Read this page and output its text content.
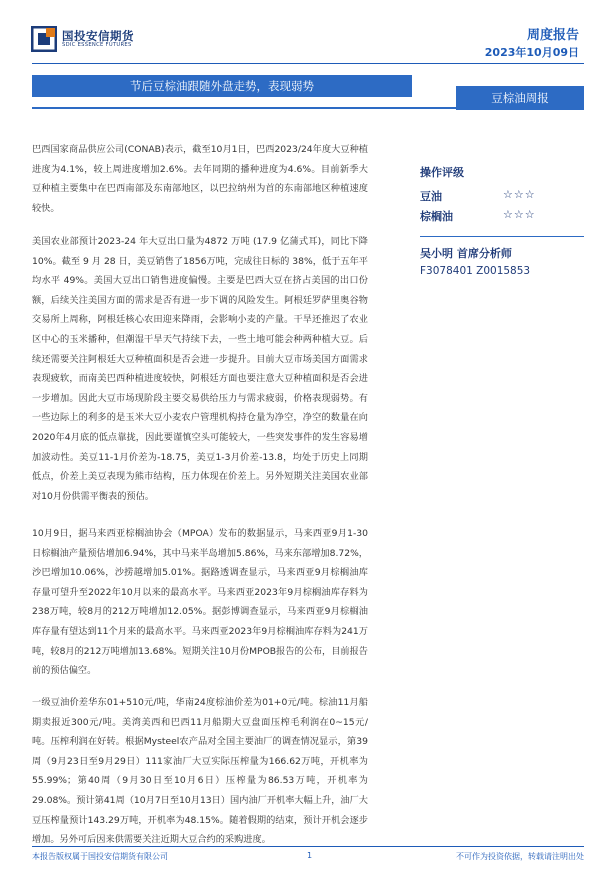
国投安信期货
SDIC ESSENCE FUTURES
周度报告
2023年10月09日
节后豆棕油跟随外盘走势，表现弱势
豆棕油周报
巴西国家商品供应公司(CONAB)表示，截至10月1日，巴西2023/24年度大豆种植进度为4.1%，较上周进度增加2.6%。去年同期的播种进度为4.6%。目前新季大豆种植主要集中在巴西南部及东南部地区，以巴拉纳州为首的东南部地区种植速度较快。
美国农业部预计2023-24 年大豆出口量为4872 万吨 (17.9 亿蒲式耳)，同比下降 10%。截至 9 月 28 日，美豆销售了1856万吨，完成往日标的 38%，低于五年平均水平 49%。美国大豆出口销售进度偏慢。主要是巴西大豆在挤占美国的出口份额，后续关注美国方面的需求是否有进一步下调的风险发生。阿根廷罗萨里奥谷物交易所上周称，阿根廷核心农田迎来降雨，会影响小麦的产量。干旱还推迟了农业区中心的玉米播种，但潮湿干旱天气持续下去，一些土地可能会种两种植大豆。后续还需要关注阿根廷大豆种植面积是否会进一步提升。目前大豆市场美国方面需求表现疲软，而南美巴西种植进度较快，阿根廷方面也要注意大豆种植面积是否会进一步增加。因此大豆市场现阶段主要交易供给压力与需求疲弱，价格表现弱势。有一些边际上的利多的是玉米大豆小麦农户管理机构持仓量为净空，净空的数量在向2020年4月底的低点靠拢，因此要谨慎空头可能较大，一些突发事件的发生容易增加波动性。美豆11-1月价差为-18.75，美豆1-3月价差-13.8，均处于历史上同期低点，价差上美豆表现为熊市结构，压力体现在价差上。另外短期关注美国农业部对10月份供需平衡表的预估。
10月9日，据马来西亚棕榈油协会（MPOA）发布的数据显示，马来西亚9月1-30日棕榈油产量预估增加6.94%，其中马来半岛增加5.86%，马来东部增加8.72%，沙巴增加10.06%，沙捞越增加5.01%。据路透调查显示，马来西亚9月棕榈油库存量可望升至2022年10月以来的最高水平。马来西亚2023年9月棕榈油库存料为238万吨，较8月的212万吨增加12.05%。据彭博调查显示，马来西亚9月棕榈油库存量有望达到11个月来的最高水平。马来西亚2023年9月棕榈油库存料为241万吨，较8月的212万吨增加13.68%。短期关注10月份MPOB报告的公布，目前报告前的预估偏空。
一级豆油价差华东01+510元/吨，华南24度棕油价差为01+0元/吨。棕油11月船期卖报近300元/吨。美湾美西和巴西11月船期大豆盘面压榨毛利润在0~15元/吨。压榨利润在好转。根据Mysteel农产品对全国主要油厂的调查情况显示，第39周（9月23日至9月29日）111家油厂大豆实际压榨量为166.62万吨，开机率为55.99%；第40周（9月30日至10月6日）压榨量为86.53万吨，开机率为29.08%。预计第41周（10月7日至10月13日）国内油厂开机率大幅上升，油厂大豆压榨量预计143.29万吨，开机率为48.15%。随着假期的结束，预计开机会逐步增加。另外可后因来供需要关注近期大豆合约的采购进度。
操作评级
豆油	☆☆☆
棕榈油	☆☆☆
吴小明 首席分析师
F3078401 Z0015853
本报告版权属于国投安信期货有限公司	1	不可作为投资依据，转载请注明出处
